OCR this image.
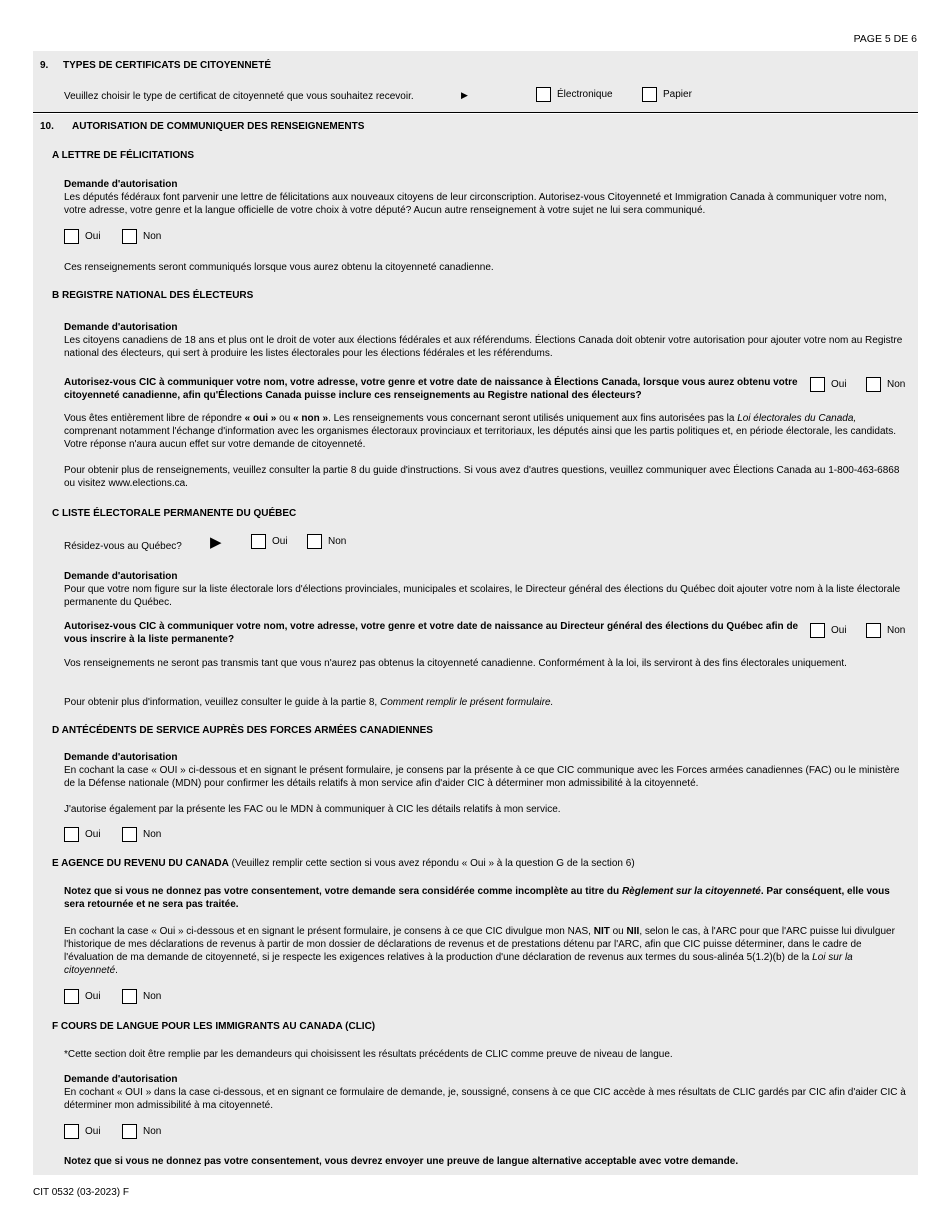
PAGE 5 DE 6
9. TYPES DE CERTIFICATS DE CITOYENNETÉ
Veuillez choisir le type de certificat de citoyenneté que vous souhaitez recevoir.	▶	Électronique	Papier
10. AUTORISATION DE COMMUNIQUER DES RENSEIGNEMENTS
A LETTRE DE FÉLICITATIONS
Demande d'autorisation
Les députés fédéraux font parvenir une lettre de félicitations aux nouveaux citoyens de leur circonscription. Autorisez-vous Citoyenneté et Immigration Canada à communiquer votre nom, votre adresse, votre genre et la langue officielle de votre choix à votre député? Aucun autre renseignement à votre sujet ne lui sera communiqué.
Oui	Non
Ces renseignements seront communiqués lorsque vous aurez obtenu la citoyenneté canadienne.
B REGISTRE NATIONAL DES ÉLECTEURS
Demande d'autorisation
Les citoyens canadiens de 18 ans et plus ont le droit de voter aux élections fédérales et aux référendums. Élections Canada doit obtenir votre autorisation pour ajouter votre nom au Registre national des électeurs, qui sert à produire les listes électorales pour les élections fédérales et les référendums.
Autorisez-vous CIC à communiquer votre nom, votre adresse, votre genre et votre date de naissance à Élections Canada, lorsque vous aurez obtenu votre citoyenneté canadienne, afin qu'Élections Canada puisse inclure ces renseignements au Registre national des électeurs?
Oui	Non
Vous êtes entièrement libre de répondre « oui » ou « non ». Les renseignements vous concernant seront utilisés uniquement aux fins autorisées pas la Loi électorales du Canada, comprenant notamment l'échange d'information avec les organismes électoraux provinciaux et territoriaux, les députés ainsi que les partis politiques et, en période électorale, les candidats. Votre réponse n'aura aucun effet sur votre demande de citoyenneté.
Pour obtenir plus de renseignements, veuillez consulter la partie 8 du guide d'instructions. Si vous avez d'autres questions, veuillez communiquer avec Élections Canada au 1-800-463-6868 ou visitez www.elections.ca.
C LISTE ÉLECTORALE PERMANENTE DU QUÉBEC
Résidez-vous au Québec? ▶	Oui	Non
Demande d'autorisation
Pour que votre nom figure sur la liste électorale lors d'élections provinciales, municipales et scolaires, le Directeur général des élections du Québec doit ajouter votre nom à la liste électorale permanente du Québec.
Autorisez-vous CIC à communiquer votre nom, votre adresse, votre genre et votre date de naissance au Directeur général des élections du Québec afin de vous inscrire à la liste permanente?
Oui	Non
Vos renseignements ne seront pas transmis tant que vous n'aurez pas obtenus la citoyenneté canadienne. Conformément à la loi, ils serviront à des fins électorales uniquement.
Pour obtenir plus d'information, veuillez consulter le guide à la partie 8, Comment remplir le présent formulaire.
D ANTÉCÉDENTS DE SERVICE AUPRÈS DES FORCES ARMÉES CANADIENNES
Demande d'autorisation
En cochant la case « OUI » ci-dessous et en signant le présent formulaire, je consens par la présente à ce que CIC communique avec les Forces armées canadiennes (FAC) ou le ministère de la Défense nationale (MDN) pour confirmer les détails relatifs à mon service afin d'aider CIC à déterminer mon admissibilité à la citoyenneté.
J'autorise également par la présente les FAC ou le MDN à communiquer à CIC les détails relatifs à mon service.
Oui	Non
E AGENCE DU REVENU DU CANADA (Veuillez remplir cette section si vous avez répondu « Oui » à la question G de la section 6)
Notez que si vous ne donnez pas votre consentement, votre demande sera considérée comme incomplète au titre du Règlement sur la citoyenneté. Par conséquent, elle vous sera retournée et ne sera pas traitée.
En cochant la case « Oui » ci-dessous et en signant le présent formulaire, je consens à ce que CIC divulgue mon NAS, NIT ou NII, selon le cas, à l'ARC pour que l'ARC puisse lui divulguer l'historique de mes déclarations de revenus à partir de mon dossier de déclarations de revenus et de prestations détenu par l'ARC, afin que CIC puisse déterminer, dans le cadre de l'évaluation de ma demande de citoyenneté, si je respecte les exigences relatives à la production d'une déclaration de revenus aux termes du sous-alinéa 5(1.2)(b) de la Loi sur la citoyenneté.
Oui	Non
F COURS DE LANGUE POUR LES IMMIGRANTS AU CANADA (CLIC)
*Cette section doit être remplie par les demandeurs qui choisissent les résultats précédents de CLIC comme preuve de niveau de langue.
Demande d'autorisation
En cochant « OUI » dans la case ci-dessous, et en signant ce formulaire de demande, je, soussigné, consens à ce que CIC accède à mes résultats de CLIC gardés par CIC afin d'aider CIC à déterminer mon admissibilité à ma citoyenneté.
Oui	Non
Notez que si vous ne donnez pas votre consentement, vous devrez envoyer une preuve de langue alternative acceptable avec votre demande.
CIT 0532 (03-2023) F
